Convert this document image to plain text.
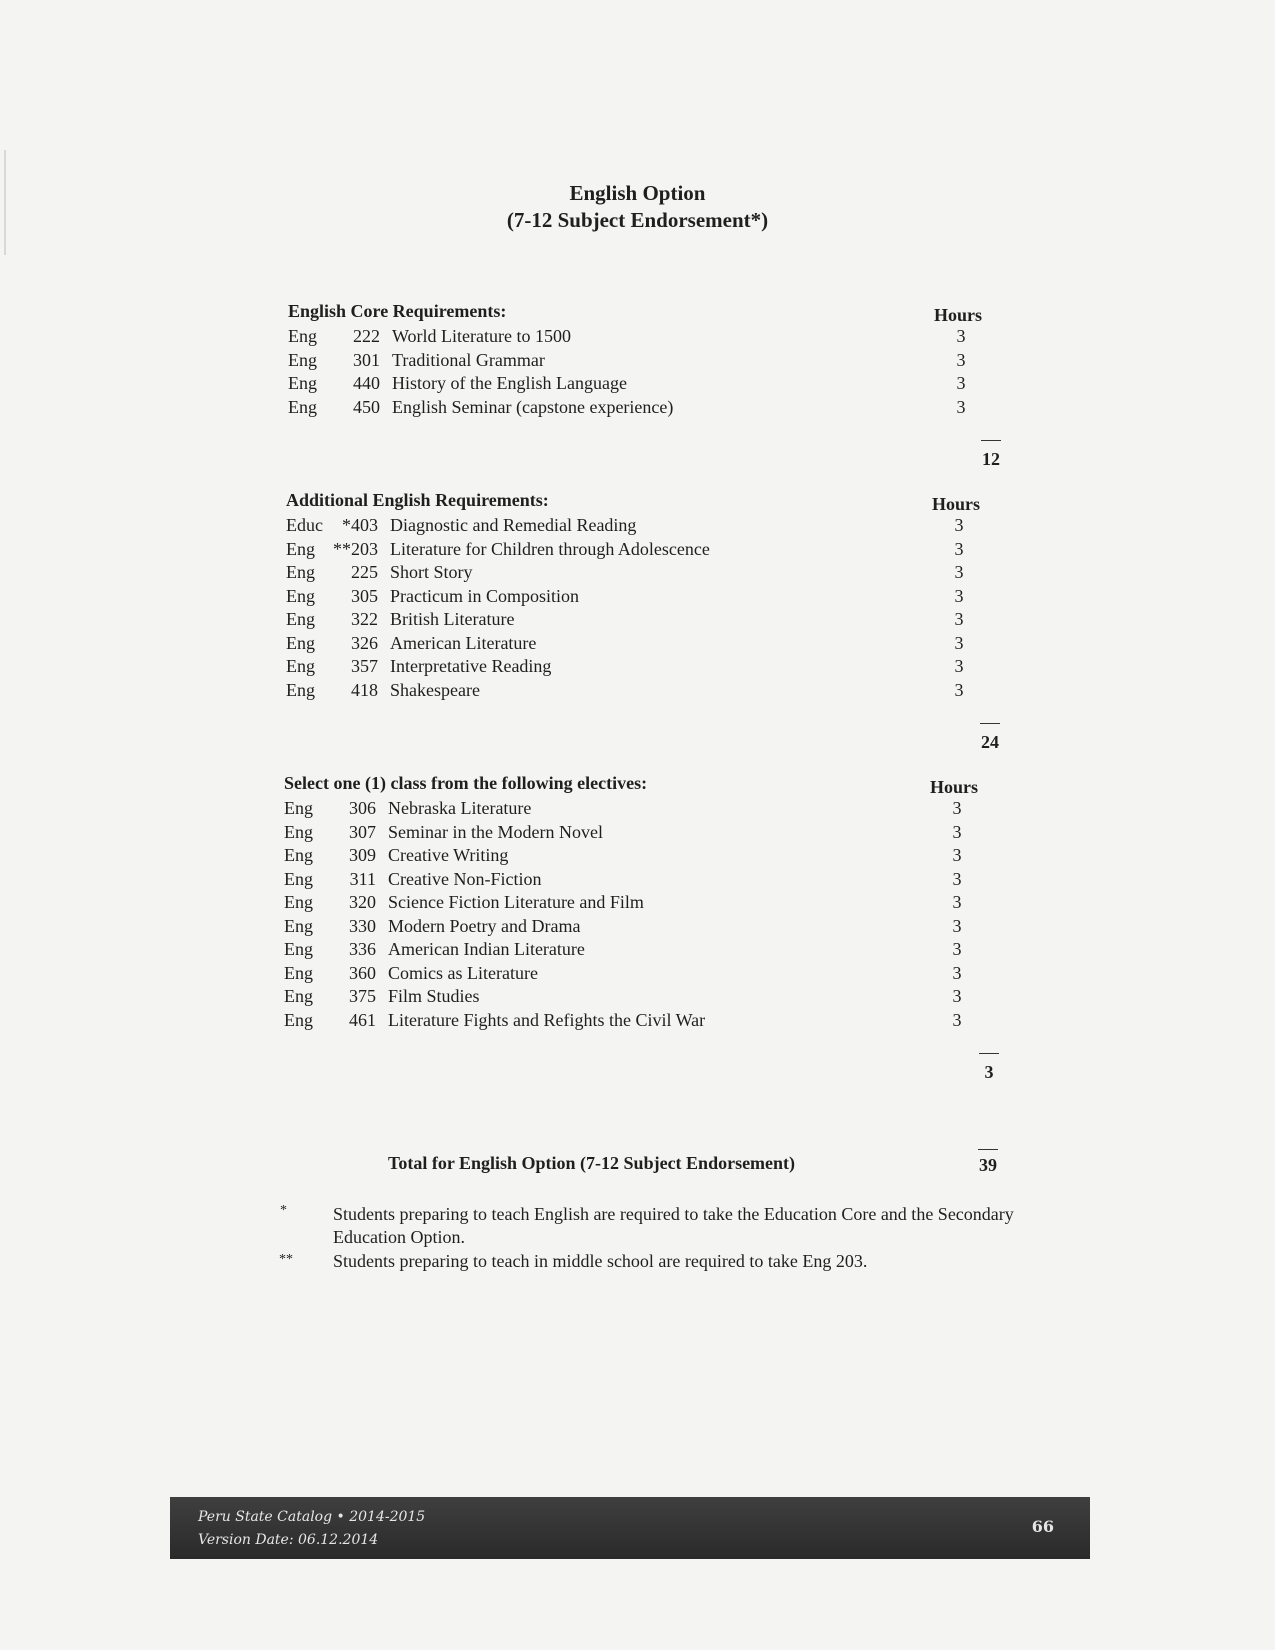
English Option
(7-12 Subject Endorsement*)
English Core Requirements:	Hours
Eng	222 World Literature to 1500	3
Eng	301 Traditional Grammar	3
Eng	440 History of the English Language	3
Eng	450 English Seminar (capstone experience)	3
12
Additional English Requirements:	Hours
Educ	*403 Diagnostic and Remedial Reading	3
Eng	**203 Literature for Children through Adolescence	3
Eng	225 Short Story	3
Eng	305 Practicum in Composition	3
Eng	322 British Literature	3
Eng	326 American Literature	3
Eng	357 Interpretative Reading	3
Eng	418 Shakespeare	3
24
Select one (1) class from the following electives:	Hours
Eng	306 Nebraska Literature	3
Eng	307 Seminar in the Modern Novel	3
Eng	309 Creative Writing	3
Eng	311 Creative Non-Fiction	3
Eng	320 Science Fiction Literature and Film	3
Eng	330 Modern Poetry and Drama	3
Eng	336 American Indian Literature	3
Eng	360 Comics as Literature	3
Eng	375 Film Studies	3
Eng	461 Literature Fights and Refights the Civil War	3
3
Total for English Option (7-12 Subject Endorsement)	39
*	Students preparing to teach English are required to take the Education Core and the Secondary
Education Option.
** Students preparing to teach in middle school are required to take Eng 203.
Peru State Catalog • 2014-2015
Version Date: 06.12.2014
66
